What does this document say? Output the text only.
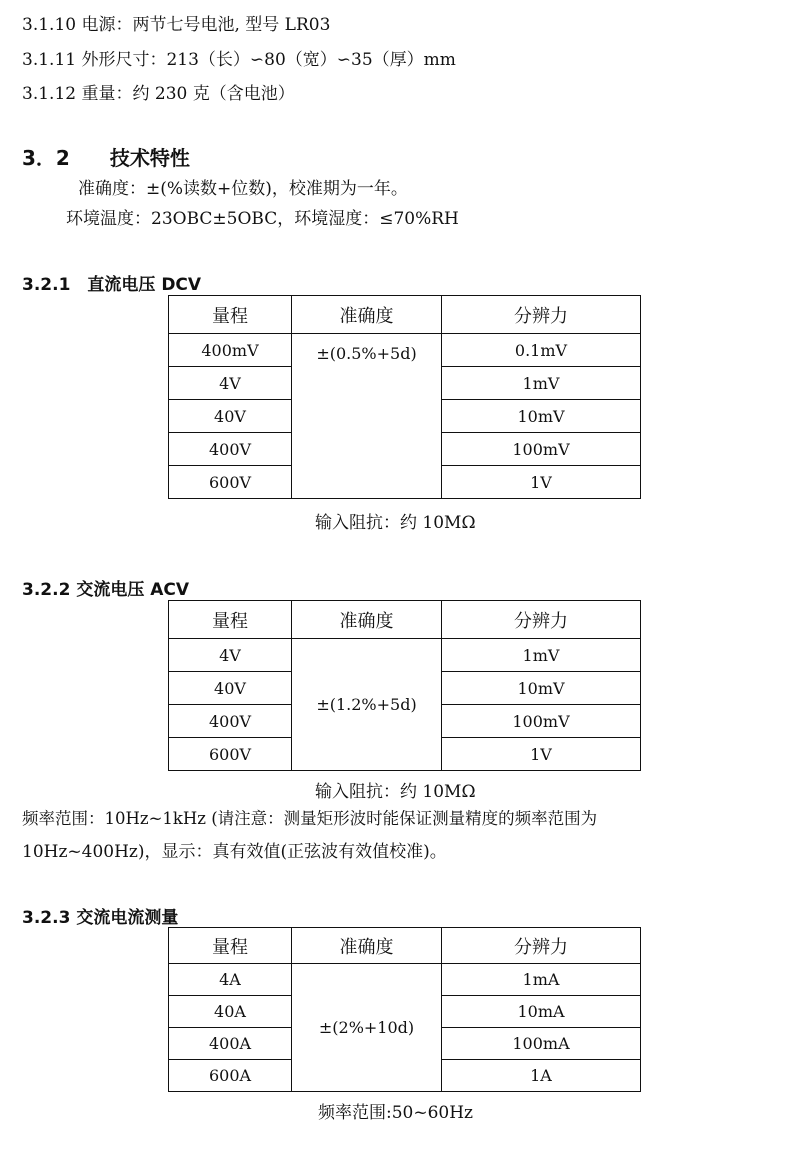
3.1.10 电源：两节七号电池, 型号 LR03
3.1.11 外形尺寸：213（长）∽80（宽）∽35（厚）mm
3.1.12 重量：约 230 克（含电池）
3．2　　技术特性
准确度：±(%读数+位数)，校准期为一年。
环境温度：23OBC±5OBC，环境湿度：≤70%RH
3.2.1　直流电压 DCV
量程	准确度	分辨力
400mV	±(0.5%+5d)	0.1mV
4V		1mV
40V		10mV
400V		100mV
600V		1V
输入阻抗：约 10MΩ
3.2.2 交流电压 ACV
量程	准确度	分辨力
4V	±(1.2%+5d)	1mV
40V		10mV
400V		100mV
600V		1V
输入阻抗：约 10MΩ
频率范围：10Hz~1kHz (请注意：测量矩形波时能保证测量精度的频率范围为
10Hz~400Hz)，显示：真有效值(正弦波有效值校准)。
3.2.3 交流电流测量
量程	准确度	分辨力
4A	±(2%+10d)	1mA
40A		10mA
400A		100mA
600A		1A
频率范围:50~60Hz
